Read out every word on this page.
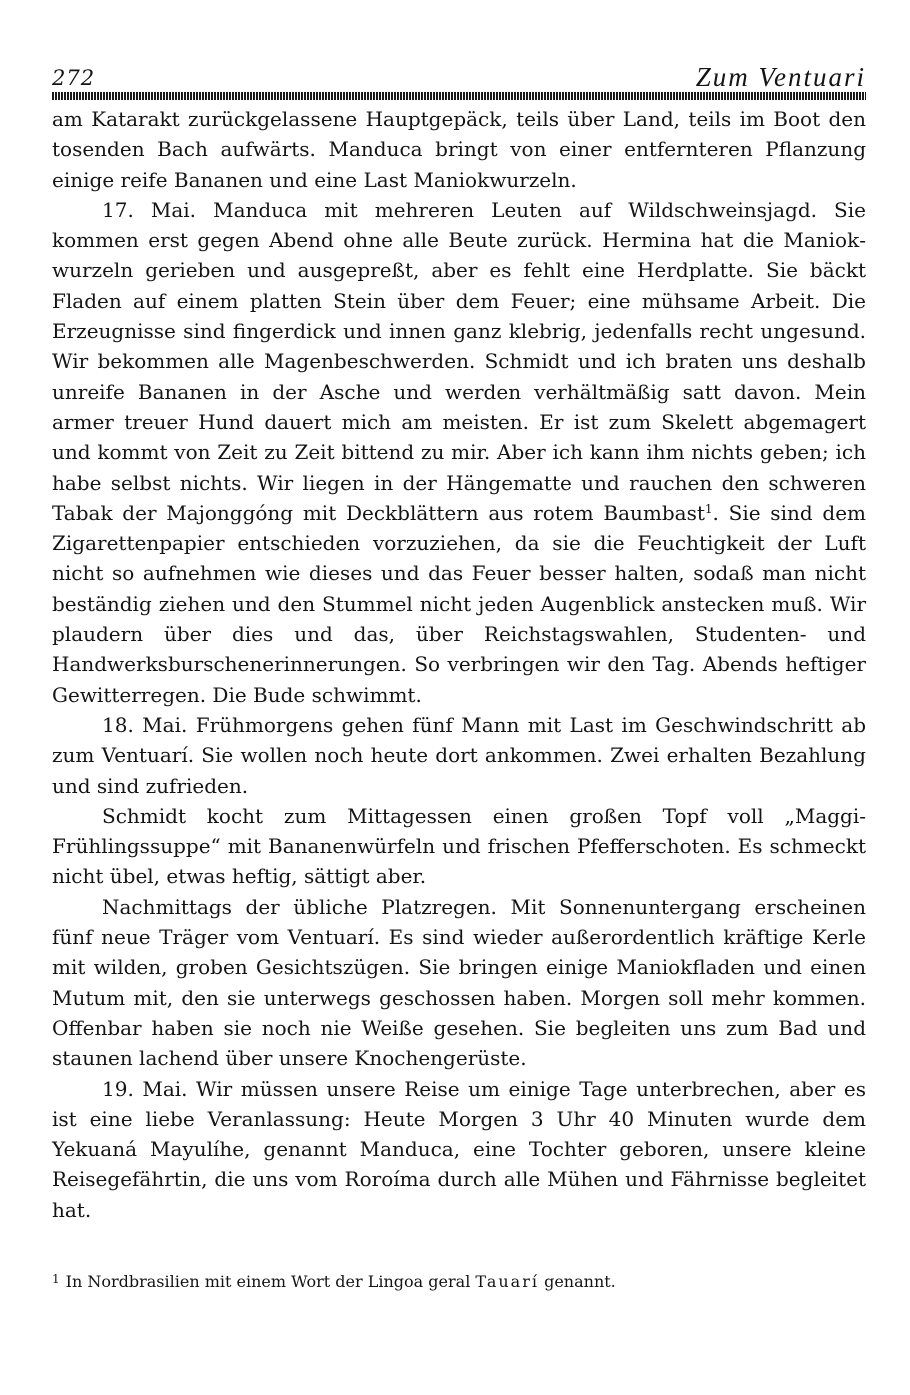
272	Zum Ventuari

am Katarakt zurückgelassene Hauptgepäck, teils über Land, teils im Boot den tosenden Bach aufwärts. Manduca bringt von einer entfernteren Pflanzung einige reife Bananen und eine Last Maniokwurzeln.

17. Mai. Manduca mit mehreren Leuten auf Wildschweinsjagd. Sie kommen erst gegen Abend ohne alle Beute zurück. Hermina hat die Maniokwurzeln gerieben und ausgepreßt, aber es fehlt eine Herdplatte. Sie bäckt Fladen auf einem platten Stein über dem Feuer; eine mühsame Arbeit. Die Erzeugnisse sind fingerdick und innen ganz klebrig, jedenfalls recht ungesund. Wir bekommen alle Magenbeschwerden. Schmidt und ich braten uns deshalb unreife Bananen in der Asche und werden verhältmäßig satt davon. Mein armer treuer Hund dauert mich am meisten. Er ist zum Skelett abgemagert und kommt von Zeit zu Zeit bittend zu mir. Aber ich kann ihm nichts geben; ich habe selbst nichts. Wir liegen in der Hängematte und rauchen den schweren Tabak der Majonggóng mit Deckblättern aus rotem Baumbast$^1$. Sie sind dem Zigarettenpapier entschieden vorzuziehen, da sie die Feuchtigkeit der Luft nicht so aufnehmen wie dieses und das Feuer besser halten, sodaß man nicht beständig ziehen und den Stummel nicht jeden Augenblick anstecken muß. Wir plaudern über dies und das, über Reichstagswahlen, Studenten- und Handwerksburschenerinnerungen. So verbringen wir den Tag. Abends heftiger Gewitterregen. Die Bude schwimmt.

18. Mai. Frühmorgens gehen fünf Mann mit Last im Geschwindschritt ab zum Ventuarí. Sie wollen noch heute dort ankommen. Zwei erhalten Bezahlung und sind zufrieden.

Schmidt kocht zum Mittagessen einen großen Topf voll „Maggi-Frühlingssuppe“ mit Bananenwürfeln und frischen Pfefferschoten. Es schmeckt nicht übel, etwas heftig, sättigt aber.

Nachmittags der übliche Platzregen. Mit Sonnenuntergang erscheinen fünf neue Träger vom Ventuarí. Es sind wieder außerordentlich kräftige Kerle mit wilden, groben Gesichtszügen. Sie bringen einige Maniokfladen und einen Mutum mit, den sie unterwegs geschossen haben. Morgen soll mehr kommen. Offenbar haben sie noch nie Weiße gesehen. Sie begleiten uns zum Bad und staunen lachend über unsere Knochengerüste.

19. Mai. Wir müssen unsere Reise um einige Tage unterbrechen, aber es ist eine liebe Veranlassung: Heute Morgen 3 Uhr 40 Minuten wurde dem Yekuaná Mayulíhe, genannt Manduca, eine Tochter geboren, unsere kleine Reisegefährtin, die uns vom Roroíma durch alle Mühen und Fährnisse begleitet hat.

$^1$ In Nordbrasilien mit einem Wort der Lingoa geral Tauarí genannt.
